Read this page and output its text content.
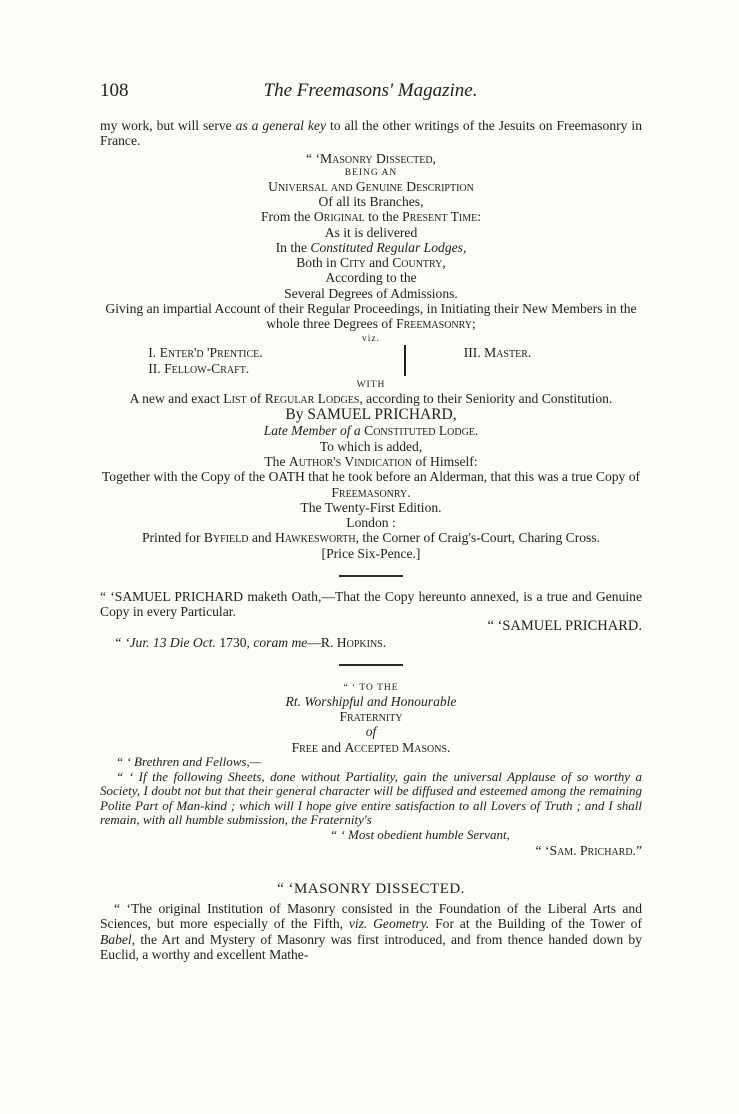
108	The Freemasons' Magazine.

my work, but will serve as a general key to all the other writings of the Jesuits on Freemasonry in France.

“ ‘Masonry Dissected,

BEING AN

Universal and Genuine Description

Of all its Branches,

From the Original to the Present Time:

As it is delivered

In the Constituted Regular Lodges,

Both in City and Country,

According to the

Several Degrees of Admissions.

Giving an impartial Account of their Regular Proceedings, in Initiating their New Members in the whole three Degrees of Freemasonry;

viz.

I. Enter'd 'Prentice.
II. Fellow-Craft.
III. Master.

WITH

A new and exact List of Regular Lodges, according to their Seniority and Constitution.

By SAMUEL PRICHARD,

Late Member of a Constituted Lodge.

To which is added,

The Author's Vindication of Himself:

Together with the Copy of the OATH that he took before an Alderman, that this was a true Copy of Freemasonry.

The Twenty-First Edition.

London :

Printed for Byfield and Hawkesworth, the Corner of Craig's-Court, Charing Cross.

[Price Six-Pence.]

“ ‘SAMUEL PRICHARD maketh Oath,—That the Copy hereunto annexed, is a true and Genuine Copy in every Particular.

“ ‘SAMUEL PRICHARD.

“ ‘Jur. 13 Die Oct. 1730, coram me—R. Hopkins.

“ ‘ TO THE

Rt. Worshipful and Honourable

Fraternity

of

Free and Accepted Masons.

“ ‘ Brethren and Fellows,—

“ ‘ If the following Sheets, done without Partiality, gain the universal Applause of so worthy a Society, I doubt not but that their general character will be diffused and esteemed among the remaining Polite Part of Man-kind ; which will I hope give entire satisfaction to all Lovers of Truth ; and I shall remain, with all humble submission, the Fraternity's

“ ‘ Most obedient humble Servant,

“ ‘Sam. Prichard.”

“ ‘MASONRY DISSECTED.

“ ‘The original Institution of Masonry consisted in the Foundation of the Liberal Arts and Sciences, but more especially of the Fifth, viz. Geometry. For at the Building of the Tower of Babel, the Art and Mystery of Masonry was first introduced, and from thence handed down by Euclid, a worthy and excellent Mathe-
